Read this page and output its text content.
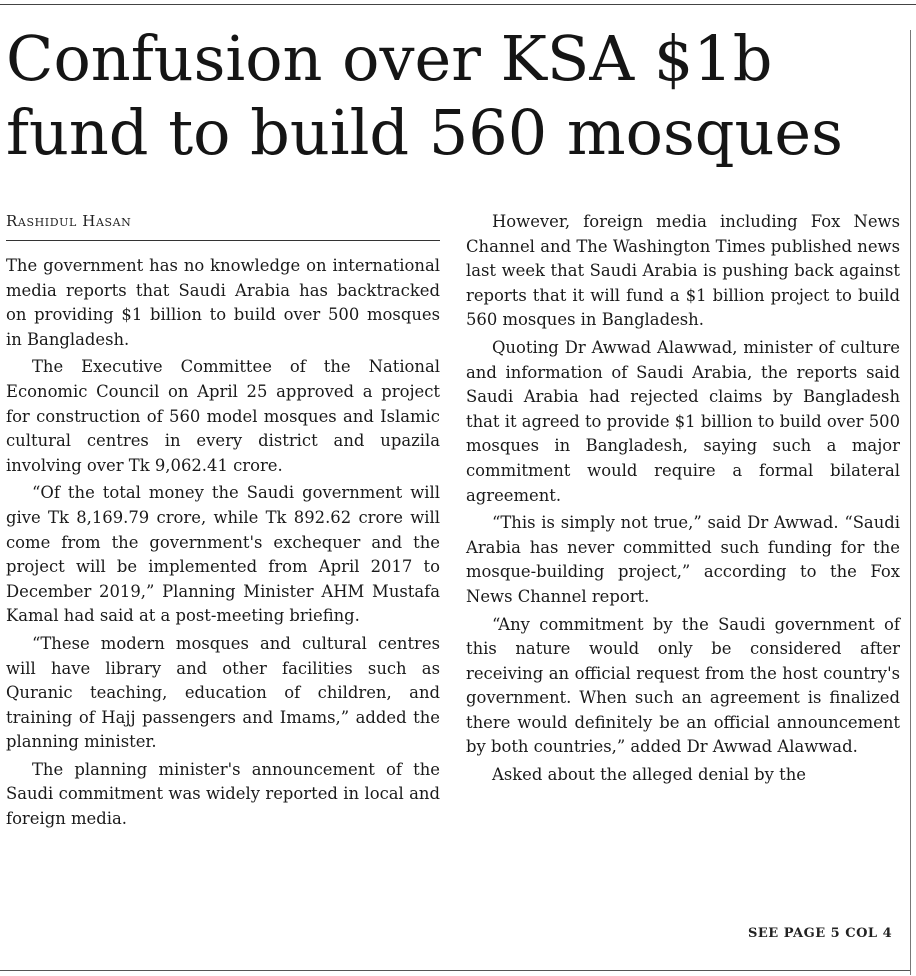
Confusion over KSA $1b
fund to build 560 mosques
Rashidul Hasan

The government has no knowledge on international media reports that Saudi Arabia has backtracked on providing $1 billion to build over 500 mosques in Bangladesh.

The Executive Committee of the National Economic Council on April 25 approved a project for construction of 560 model mosques and Islamic cultural centres in every district and upazila involving over Tk 9,062.41 crore.

“Of the total money the Saudi government will give Tk 8,169.79 crore, while Tk 892.62 crore will come from the government's exchequer and the project will be implemented from April 2017 to December 2019,” Planning Minister AHM Mustafa Kamal had said at a post-meeting briefing.

“These modern mosques and cultural centres will have library and other facilities such as Quranic teaching, education of children, and training of Hajj passengers and Imams,” added the planning minister.

The planning minister's announcement of the Saudi commitment was widely reported in local and foreign media.

However, foreign media including Fox News Channel and The Washington Times published news last week that Saudi Arabia is pushing back against reports that it will fund a $1 billion project to build 560 mosques in Bangladesh.

Quoting Dr Awwad Alawwad, minister of culture and information of Saudi Arabia, the reports said Saudi Arabia had rejected claims by Bangladesh that it agreed to provide $1 billion to build over 500 mosques in Bangladesh, saying such a major commitment would require a formal bilateral agreement.

“This is simply not true,” said Dr Awwad. “Saudi Arabia has never committed such funding for the mosque-building project,” according to the Fox News Channel report.

“Any commitment by the Saudi government of this nature would only be considered after receiving an official request from the host country's government. When such an agreement is finalized there would definitely be an official announcement by both countries,” added Dr Awwad Alawwad.

Asked about the alleged denial by the

SEE PAGE 5 COL 4
